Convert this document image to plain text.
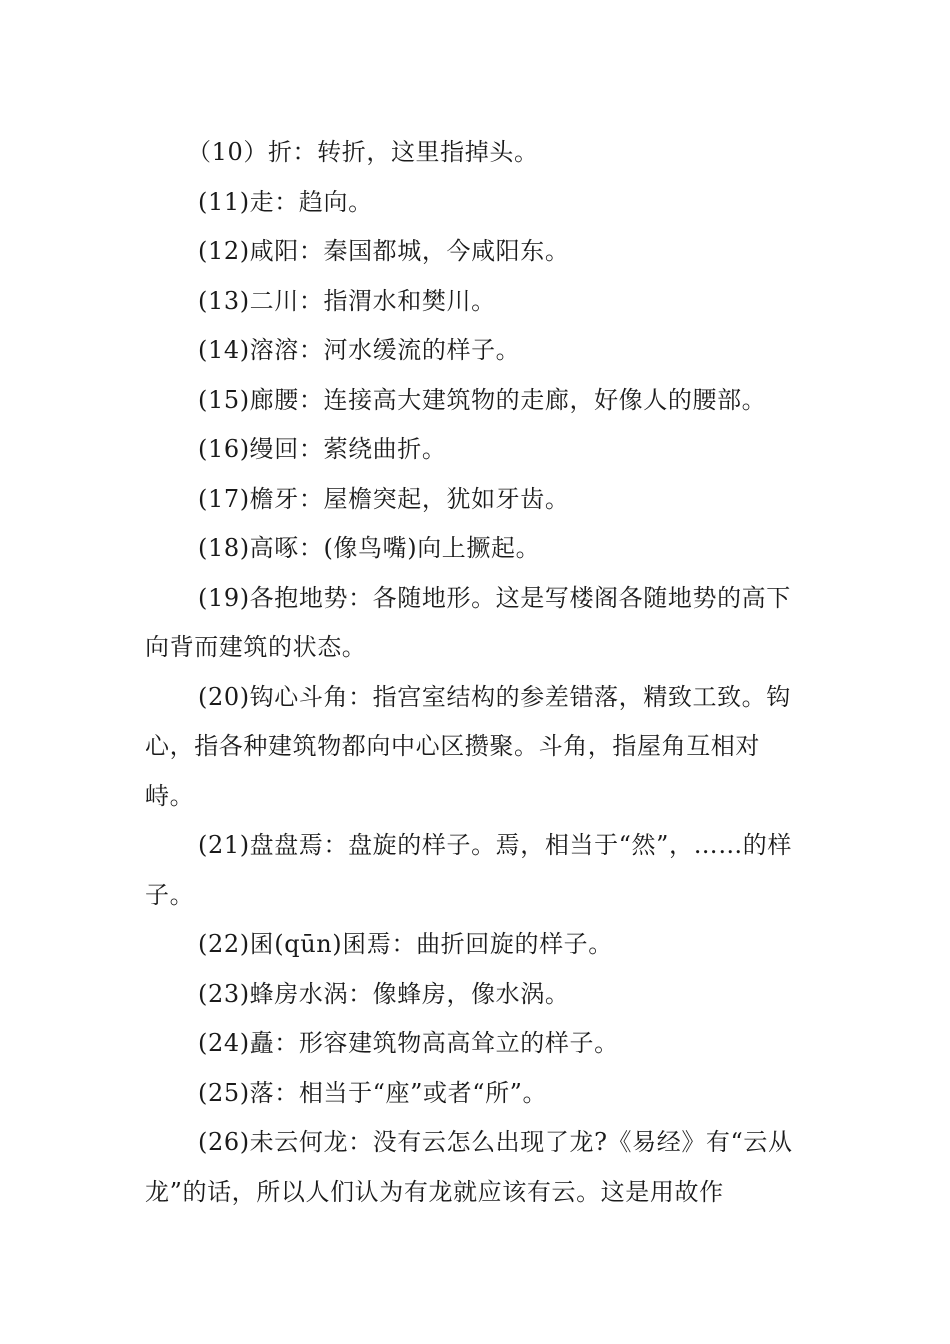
（10）折：转折，这里指掉头。

(11)走：趋向。

(12)咸阳：秦国都城，今咸阳东。

(13)二川：指渭水和樊川。

(14)溶溶：河水缓流的样子。

(15)廊腰：连接高大建筑物的走廊，好像人的腰部。

(16)缦回：萦绕曲折。

(17)檐牙：屋檐突起，犹如牙齿。

(18)高啄：(像鸟嘴)向上撅起。

(19)各抱地势：各随地形。这是写楼阁各随地势的高下向背而建筑的状态。

(20)钩心斗角：指宫室结构的参差错落，精致工致。钩心，指各种建筑物都向中心区攒聚。斗角，指屋角互相对峙。

(21)盘盘焉：盘旋的样子。焉，相当于“然”，……的样子。

(22)囷(qūn)囷焉：曲折回旋的样子。

(23)蜂房水涡：像蜂房，像水涡。

(24)矗：形容建筑物高高耸立的样子。

(25)落：相当于“座”或者“所”。

(26)未云何龙：没有云怎么出现了龙?《易经》有“云从龙”的话，所以人们认为有龙就应该有云。这是用故作
